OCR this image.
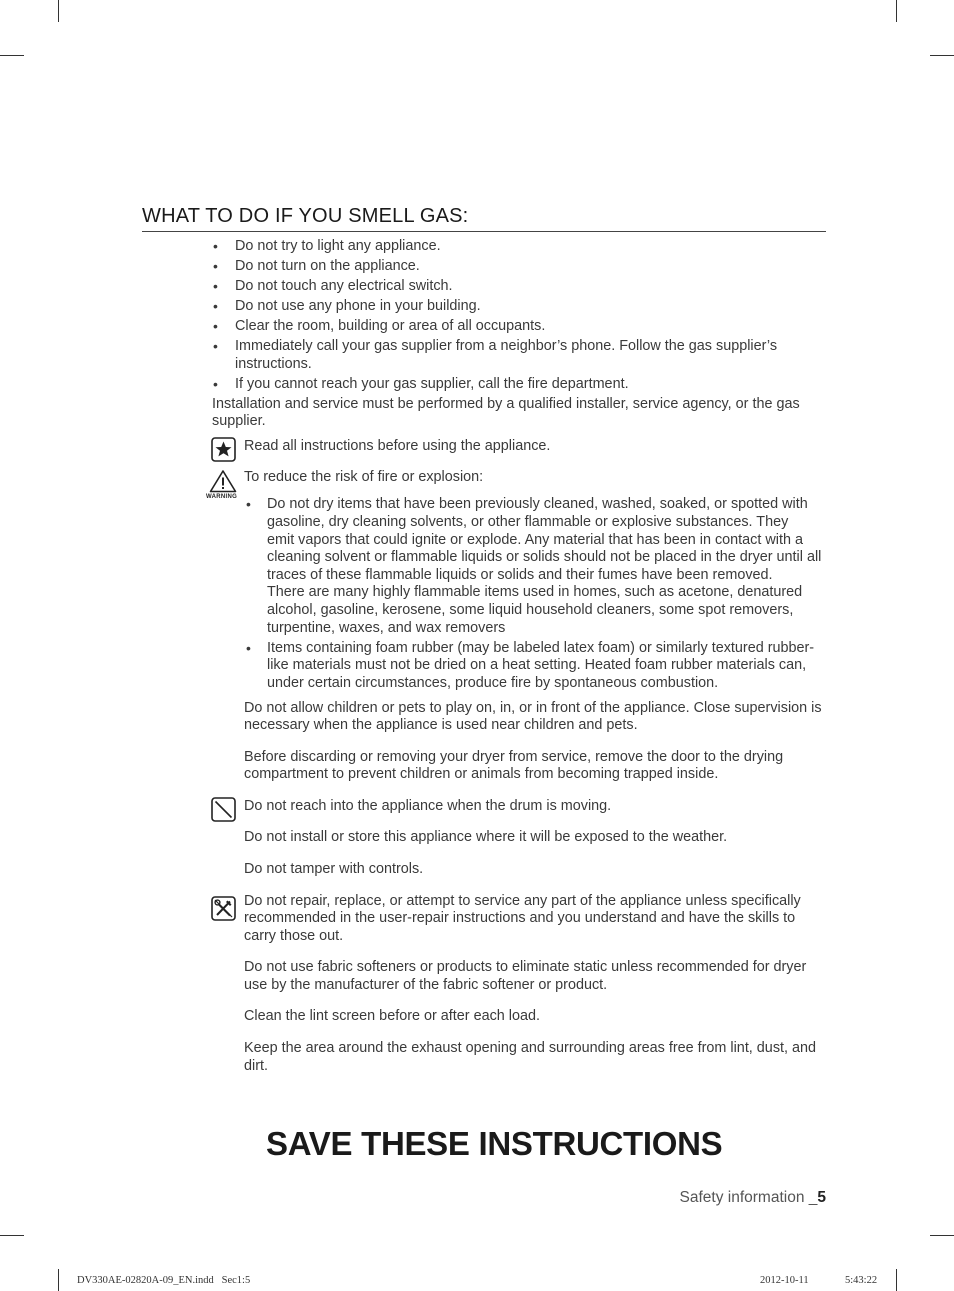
WHAT TO DO IF YOU SMELL GAS:
• Do not try to light any appliance.
• Do not turn on the appliance.
• Do not touch any electrical switch.
• Do not use any phone in your building.
• Clear the room, building or area of all occupants.
• Immediately call your gas supplier from a neighbor’s phone. Follow the gas supplier’s
instructions.
• If you cannot reach your gas supplier, call the fire department.
Installation and service must be performed by a qualified installer, service agency, or the gas
supplier.
Read all instructions before using the appliance.
WARNING
To reduce the risk of fire or explosion:
• Do not dry items that have been previously cleaned, washed, soaked, or spotted with
gasoline, dry cleaning solvents, or other flammable or explosive substances. They
emit vapors that could ignite or explode. Any material that has been in contact with a
cleaning solvent or flammable liquids or solids should not be placed in the dryer until all
traces of these flammable liquids or solids and their fumes have been removed.
There are many highly flammable items used in homes, such as acetone, denatured
alcohol, gasoline, kerosene, some liquid household cleaners, some spot removers,
turpentine, waxes, and wax removers
• Items containing foam rubber (may be labeled latex foam) or similarly textured rubber-
like materials must not be dried on a heat setting. Heated foam rubber materials can,
under certain circumstances, produce fire by spontaneous combustion.
Do not allow children or pets to play on, in, or in front of the appliance. Close supervision is
necessary when the appliance is used near children and pets.
Before discarding or removing your dryer from service, remove the door to the drying
compartment to prevent children or animals from becoming trapped inside.
Do not reach into the appliance when the drum is moving.
Do not install or store this appliance where it will be exposed to the weather.
Do not tamper with controls.
Do not repair, replace, or attempt to service any part of the appliance unless specifically
recommended in the user-repair instructions and you understand and have the skills to
carry those out.
Do not use fabric softeners or products to eliminate static unless recommended for dryer
use by the manufacturer of the fabric softener or product.
Clean the lint screen before or after each load.
Keep the area around the exhaust opening and surrounding areas free from lint, dust, and
dirt.
SAVE THESE INSTRUCTIONS
Safety information _5
DV330AE-02820A-09_EN.indd   Sec1:5	2012-10-11	5:43:22
